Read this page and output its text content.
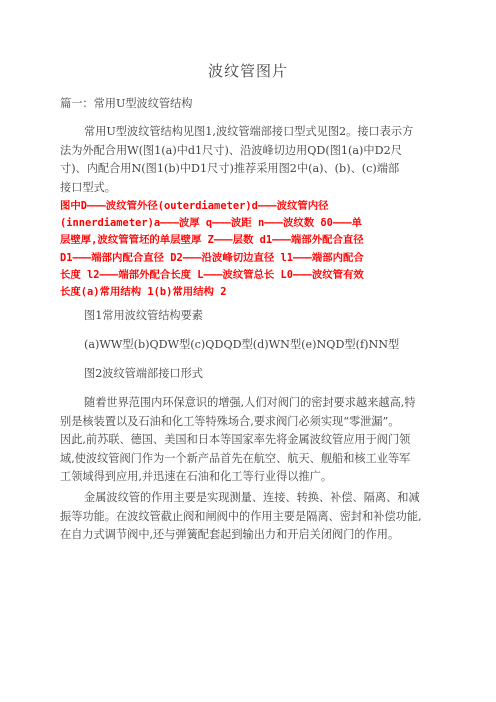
波纹管图片

篇一：常用U型波纹管结构

常用U型波纹管结构见图1,波纹管端部接口型式见图2。接口表示方
法为外配合用W(图1(a)中d1尺寸)、沿波峰切边用QD(图1(a)中D2尺
寸)、内配合用N(图1(b)中D1尺寸)推荐采用图2中(a)、(b)、(c)端部
接口型式。

图中D———波纹管外径(outerdiameter)d———波纹管内径
(innerdiameter)a———波厚 q———波距 n———波纹数 δ0———单
层壁厚,波纹管管坯的单层壁厚 Z———层数 d1———端部外配合直径
D1———端部内配合直径 D2———沿波峰切边直径 l1———端部内配合
长度 l2———端部外配合长度 L———波纹管总长 L0———波纹管有效
长度(a)常用结构 1(b)常用结构 2

图1常用波纹管结构要素

(a)WW型(b)QDW型(c)QDQD型(d)WN型(e)NQD型(f)NN型

图2波纹管端部接口形式

随着世界范围内环保意识的增强,人们对阀门的密封要求越来越高,特
别是核装置以及石油和化工等特殊场合,要求阀门必须实现“零泄漏”。
因此,前苏联、德国、美国和日本等国家率先将金属波纹管应用于阀门领
域,使波纹管阀门作为一个新产品首先在航空、航天、舰船和核工业等军
工领域得到应用,并迅速在石油和化工等行业得以推广。

金属波纹管的作用主要是实现测量、连接、转换、补偿、隔离、和减
振等功能。在波纹管截止阀和闸阀中的作用主要是隔离、密封和补偿功能,
在自力式调节阀中,还与弹簧配套起到输出力和开启关闭阀门的作用。
